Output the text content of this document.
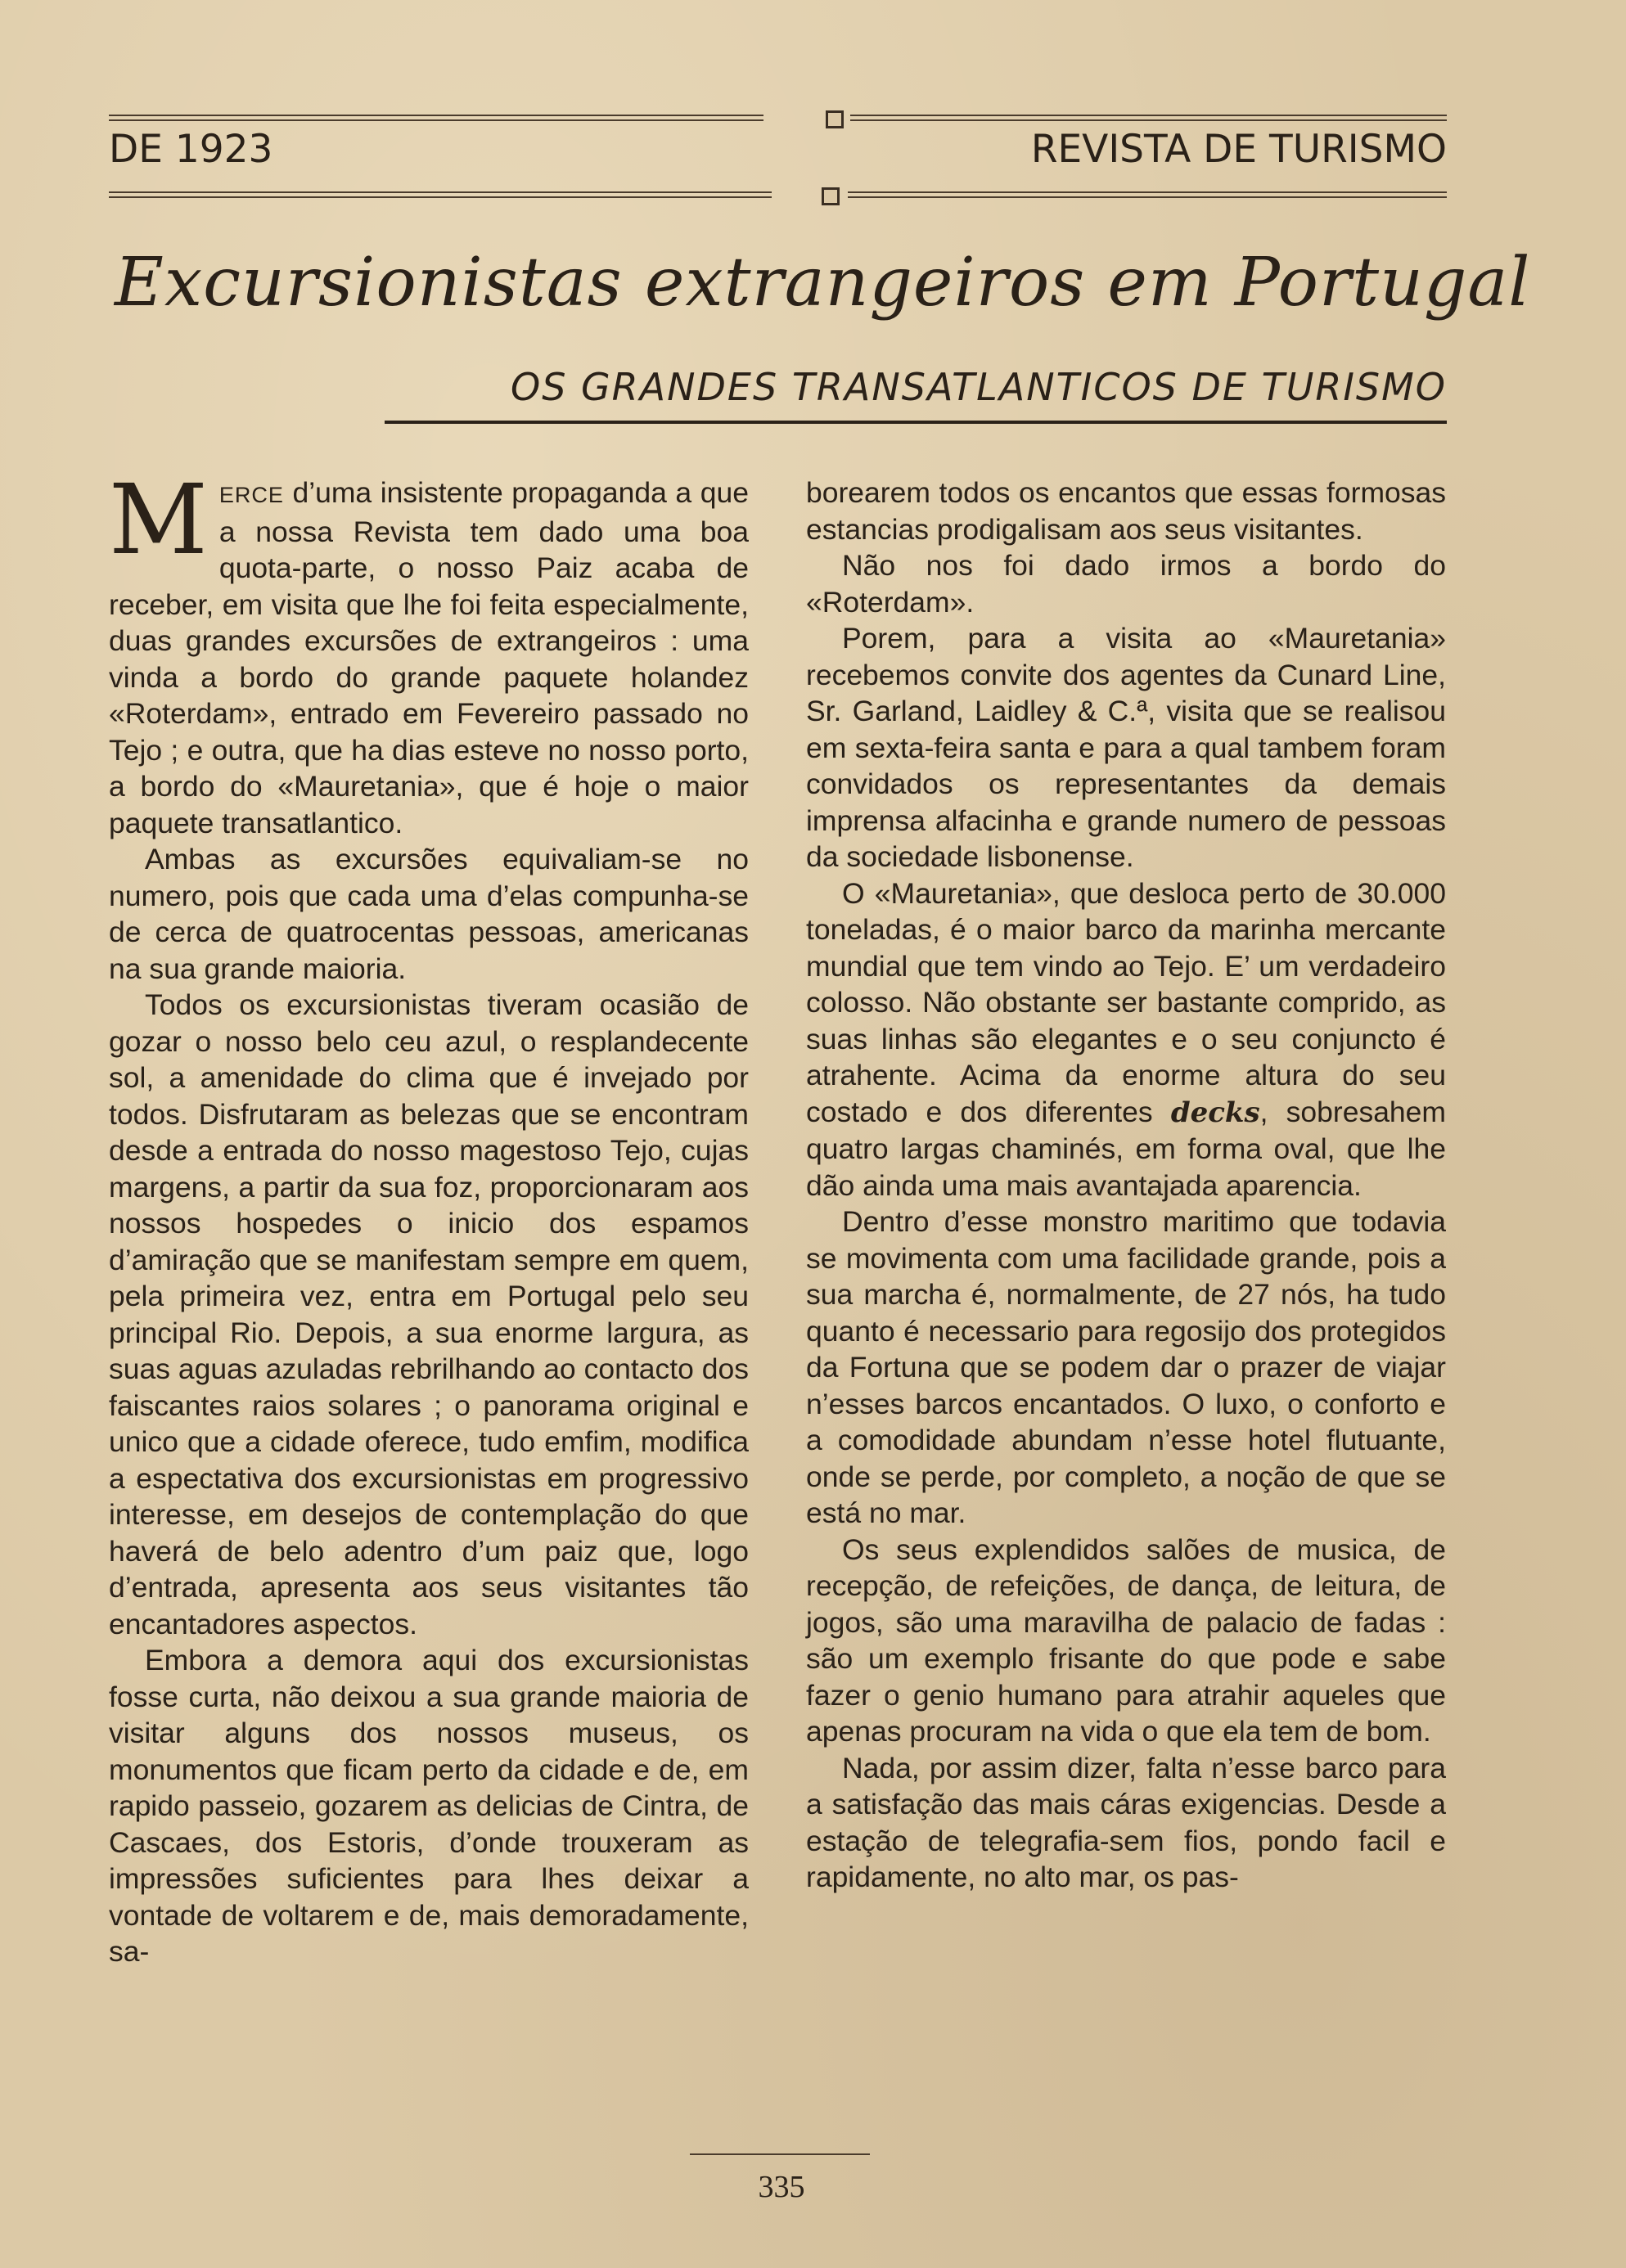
DE 1923	REVISTA DE TURISMO
Excursionistas extrangeiros em Portugal
OS GRANDES TRANSATLANTICOS DE TURISMO

MERCE d’uma insistente propaganda a que a nossa Revista tem dado uma boa quota-parte, o nosso Paiz acaba de receber, em visita que lhe foi feita especialmente, duas grandes excursões de extrangeiros : uma vinda a bordo do grande paquete holandez «Roterdam», entrado em Fevereiro passado no Tejo ; e outra, que ha dias esteve no nosso porto, a bordo do «Mauretania», que é hoje o maior paquete transatlantico.

Ambas as excursões equivaliam-se no numero, pois que cada uma d’elas compunha-se de cerca de quatrocentas pessoas, americanas na sua grande maioria.

Todos os excursionistas tiveram ocasião de gozar o nosso belo ceu azul, o resplandecente sol, a amenidade do clima que é invejado por todos. Disfrutaram as belezas que se encontram desde a entrada do nosso magestoso Tejo, cujas margens, a partir da sua foz, proporcionaram aos nossos hospedes o inicio dos espamos d’amiração que se manifestam sempre em quem, pela primeira vez, entra em Portugal pelo seu principal Rio. Depois, a sua enorme largura, as suas aguas azuladas rebrilhando ao contacto dos faiscantes raios solares ; o panorama original e unico que a cidade oferece, tudo emfim, modifica a espectativa dos excursionistas em progressivo interesse, em desejos de contemplação do que haverá de belo adentro d’um paiz que, logo d’entrada, apresenta aos seus visitantes tão encantadores aspectos.

Embora a demora aqui dos excursionistas fosse curta, não deixou a sua grande maioria de visitar alguns dos nossos museus, os monumentos que ficam perto da cidade e de, em rapido passeio, gozarem as delicias de Cintra, de Cascaes, dos Estoris, d’onde trouxeram as impressões suficientes para lhes deixar a vontade de voltarem e de, mais demoradamente, sa-

borearem todos os encantos que essas formosas estancias prodigalisam aos seus visitantes.

Não nos foi dado irmos a bordo do «Roterdam».

Porem, para a visita ao «Mauretania» recebemos convite dos agentes da Cunard Line, Sr. Garland, Laidley & C.ª, visita que se realisou em sexta-feira santa e para a qual tambem foram convidados os representantes da demais imprensa alfacinha e grande numero de pessoas da sociedade lisbonense.

O «Mauretania», que desloca perto de 30.000 toneladas, é o maior barco da marinha mercante mundial que tem vindo ao Tejo. E’ um verdadeiro colosso. Não obstante ser bastante comprido, as suas linhas são elegantes e o seu conjuncto é atrahente. Acima da enorme altura do seu costado e dos diferentes decks, sobresahem quatro largas chaminés, em forma oval, que lhe dão ainda uma mais avantajada aparencia.

Dentro d’esse monstro maritimo que todavia se movimenta com uma facilidade grande, pois a sua marcha é, normalmente, de 27 nós, ha tudo quanto é necessario para regosijo dos protegidos da Fortuna que se podem dar o prazer de viajar n’esses barcos encantados. O luxo, o conforto e a comodidade abundam n’esse hotel flutuante, onde se perde, por completo, a noção de que se está no mar.

Os seus explendidos salões de musica, de recepção, de refeições, de dança, de leitura, de jogos, são uma maravilha de palacio de fadas : são um exemplo frisante do que pode e sabe fazer o genio humano para atrahir aqueles que apenas procuram na vida o que ela tem de bom.

Nada, por assim dizer, falta n’esse barco para a satisfação das mais cáras exigencias. Desde a estação de telegrafia-sem fios, pondo facil e rapidamente, no alto mar, os pas-

335
